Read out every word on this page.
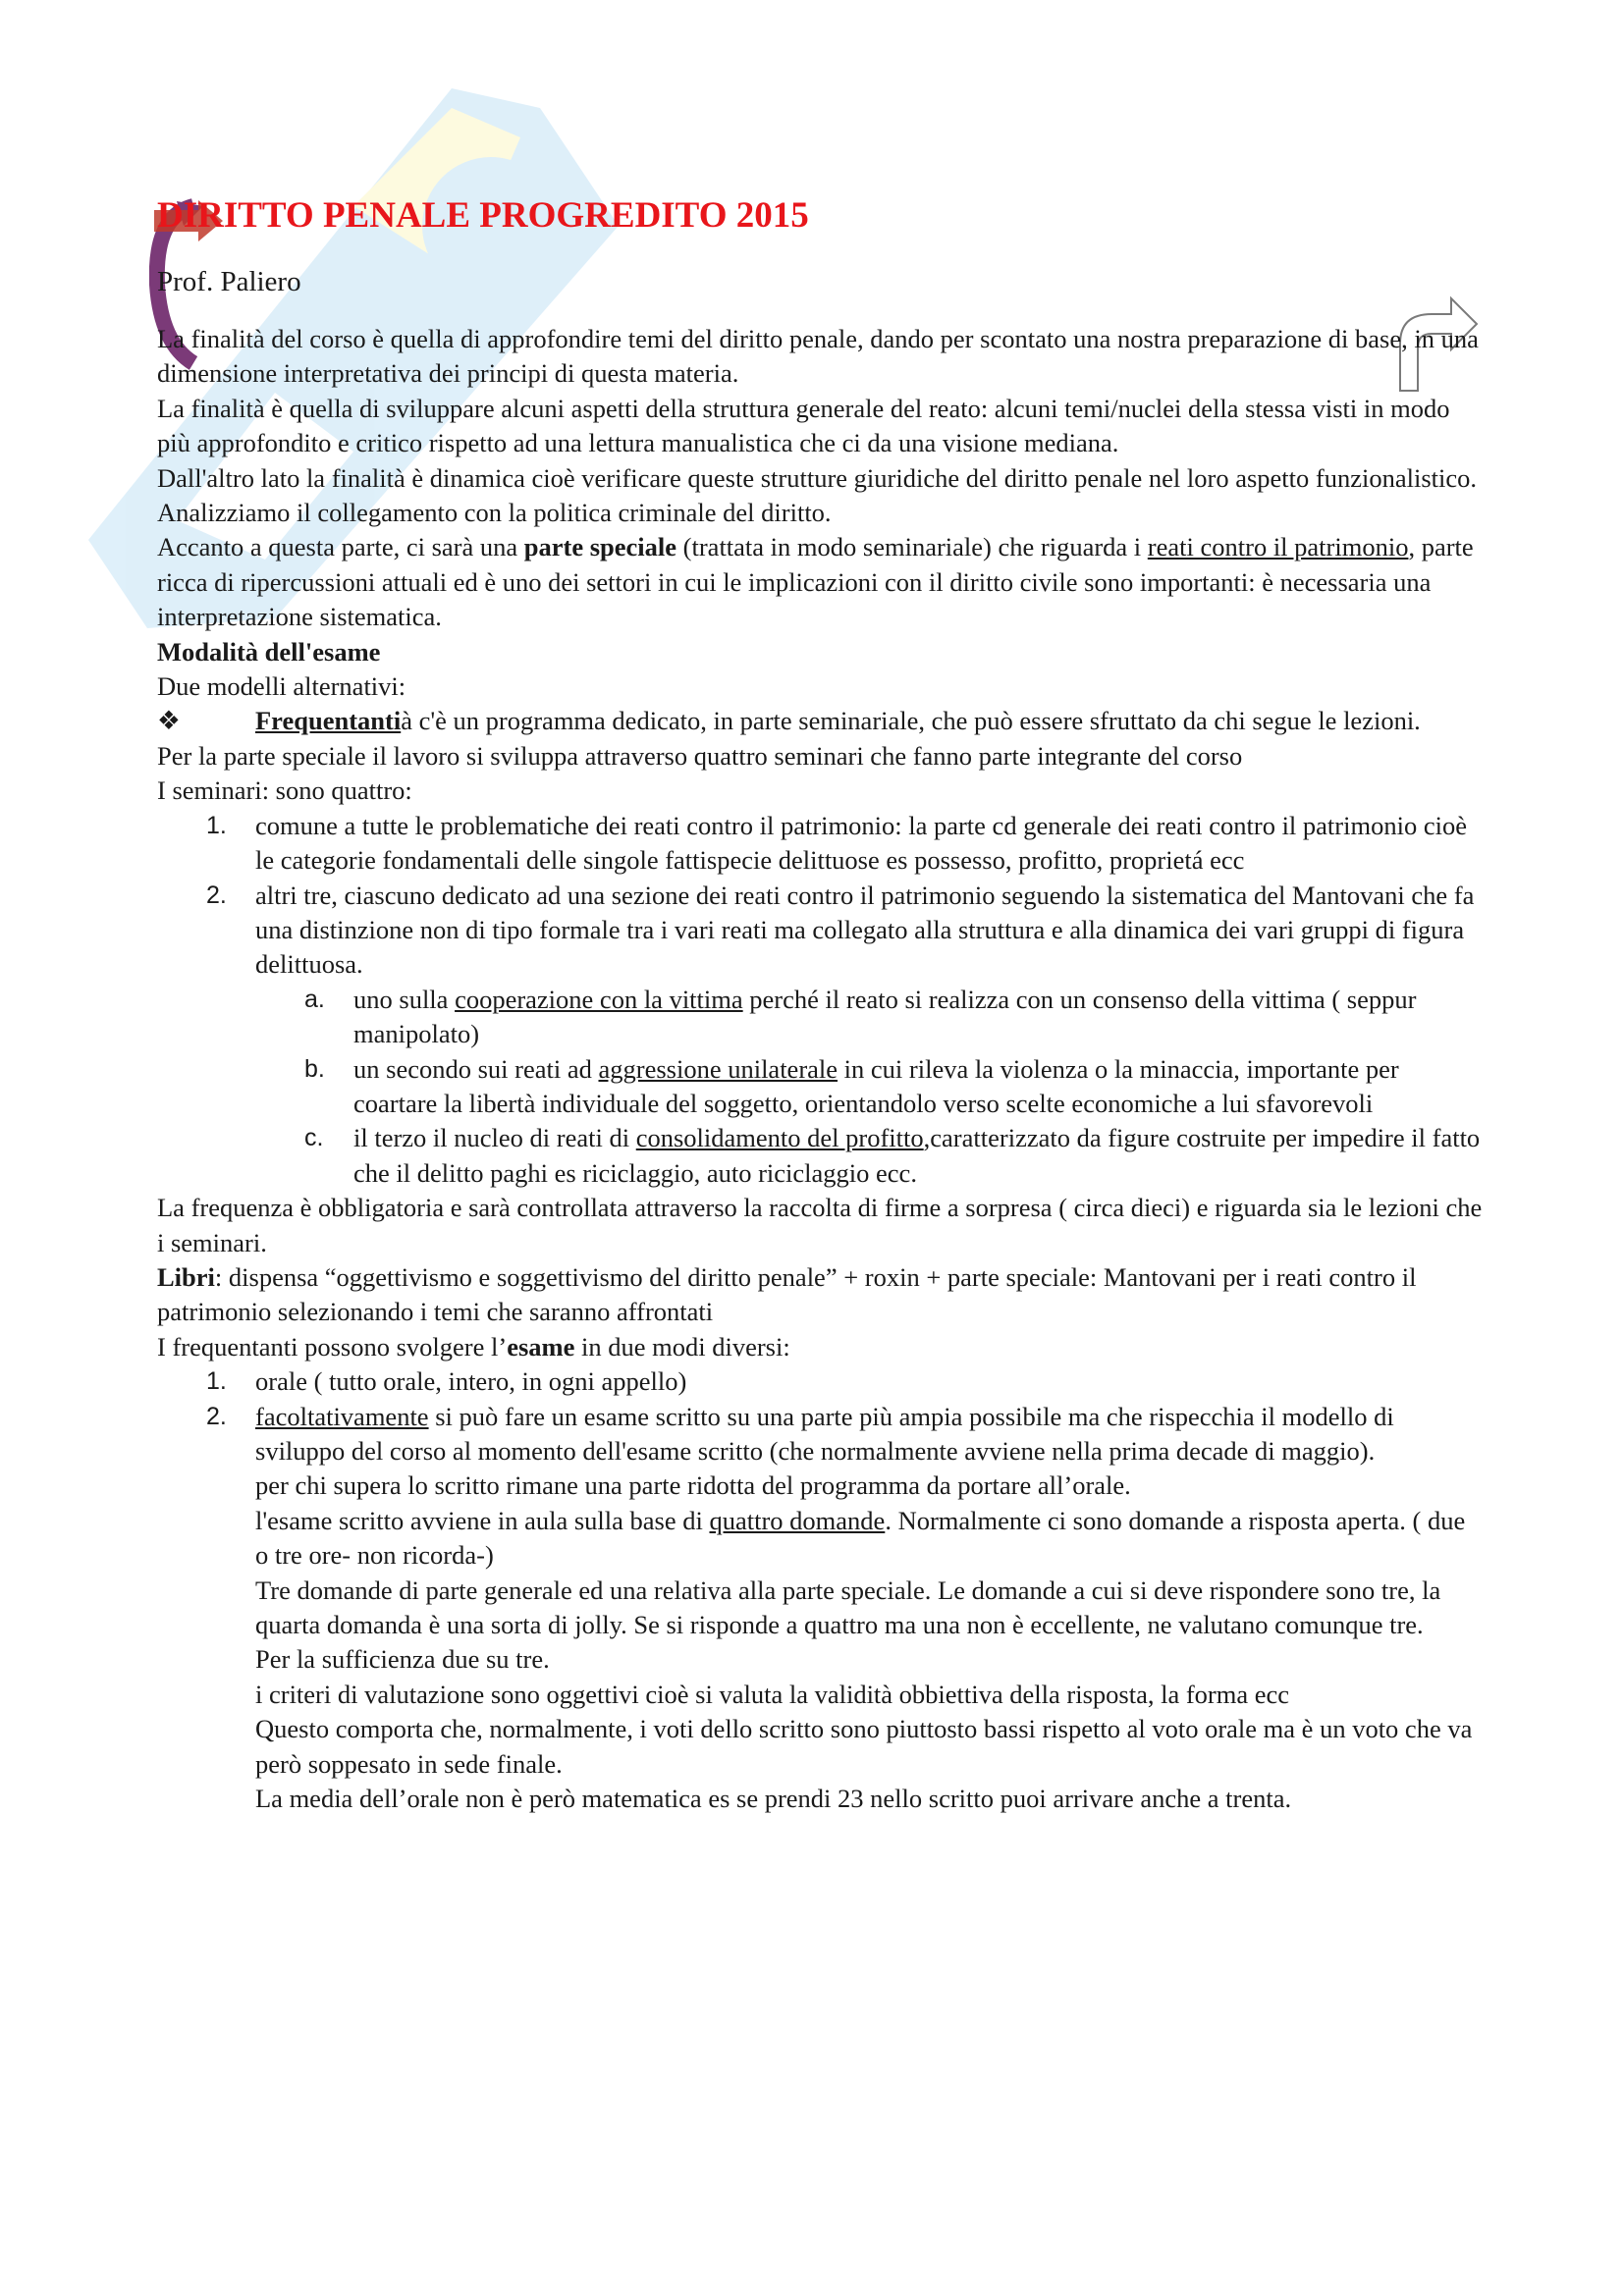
DIRITTO PENALE PROGREDITO 2015

Prof. Paliero

La finalità del corso è quella di approfondire temi del diritto penale, dando per scontato una nostra preparazione di base, in una dimensione interpretativa dei principi di questa materia.

La finalità è quella di sviluppare alcuni aspetti della struttura generale del reato: alcuni temi/nuclei della stessa visti in modo più approfondito e critico rispetto ad una lettura manualistica che ci da una visione mediana.

Dall'altro lato la finalità è dinamica cioè verificare queste strutture giuridiche del diritto penale nel loro aspetto funzionalistico.

Analizziamo il collegamento con la politica criminale del diritto.

Accanto a questa parte, ci sarà una parte speciale (trattata in modo seminariale) che riguarda i reati contro il patrimonio, parte ricca di ripercussioni attuali ed è uno dei settori in cui le implicazioni con il diritto civile sono importanti: è necessaria una interpretazione sistematica.

Modalità dell'esame

Due modelli alternativi:

❖	Frequentantià c'è un programma dedicato, in parte seminariale, che può essere sfruttato da chi segue le lezioni.

Per la parte speciale il lavoro si sviluppa attraverso quattro seminari che fanno parte integrante del corso

I seminari: sono quattro:

1. comune a tutte le problematiche dei reati contro il patrimonio: la parte cd generale dei reati contro il patrimonio cioè le categorie fondamentali delle singole fattispecie delittuose es possesso, profitto, proprietá ecc
2. altri tre, ciascuno dedicato ad una sezione dei reati contro il patrimonio seguendo la sistematica del Mantovani che fa una distinzione non di tipo formale tra i vari reati ma collegato alla struttura e alla dinamica dei vari gruppi di figura delittuosa.
a. uno sulla cooperazione con la vittima perché il reato si realizza con un consenso della vittima ( seppur manipolato)
b. un secondo sui reati ad aggressione unilaterale in cui rileva la violenza o la minaccia, importante per coartare la libertà individuale del soggetto, orientandolo verso scelte economiche a lui sfavorevoli
c. il terzo il nucleo di reati di consolidamento del profitto,caratterizzato da figure costruite per impedire il fatto che il delitto paghi es riciclaggio, auto riciclaggio ecc.

La frequenza è obbligatoria e sarà controllata attraverso la raccolta di firme a sorpresa ( circa dieci) e riguarda sia le lezioni che i seminari.

Libri: dispensa “oggettivismo e soggettivismo del diritto penale” + roxin + parte speciale: Mantovani per i reati contro il patrimonio selezionando i temi che saranno affrontati

I frequentanti possono svolgere l’esame in due modi diversi:

1. orale ( tutto orale, intero, in ogni appello)
2. facoltativamente si può fare un esame scritto su una parte più ampia possibile ma che rispecchia il modello di sviluppo del corso al momento dell'esame scritto (che normalmente avviene nella prima decade di maggio).

per chi supera lo scritto rimane una parte ridotta del programma da portare all’orale.

l'esame scritto avviene in aula sulla base di quattro domande. Normalmente ci sono domande a risposta aperta. ( due o tre ore- non ricorda-)

Tre domande di parte generale ed una relativa alla parte speciale. Le domande a cui si deve rispondere sono tre, la quarta domanda è una sorta di jolly. Se si risponde a quattro ma una non è eccellente, ne valutano comunque tre.

Per la sufficienza due su tre.

i criteri di valutazione sono oggettivi cioè si valuta la validità obbiettiva della risposta, la forma ecc

Questo comporta che, normalmente, i voti dello scritto sono piuttosto bassi rispetto al voto orale ma è un voto che va però soppesato in sede finale.

La media dell’orale non è però matematica es se prendi 23 nello scritto puoi arrivare anche a trenta.
